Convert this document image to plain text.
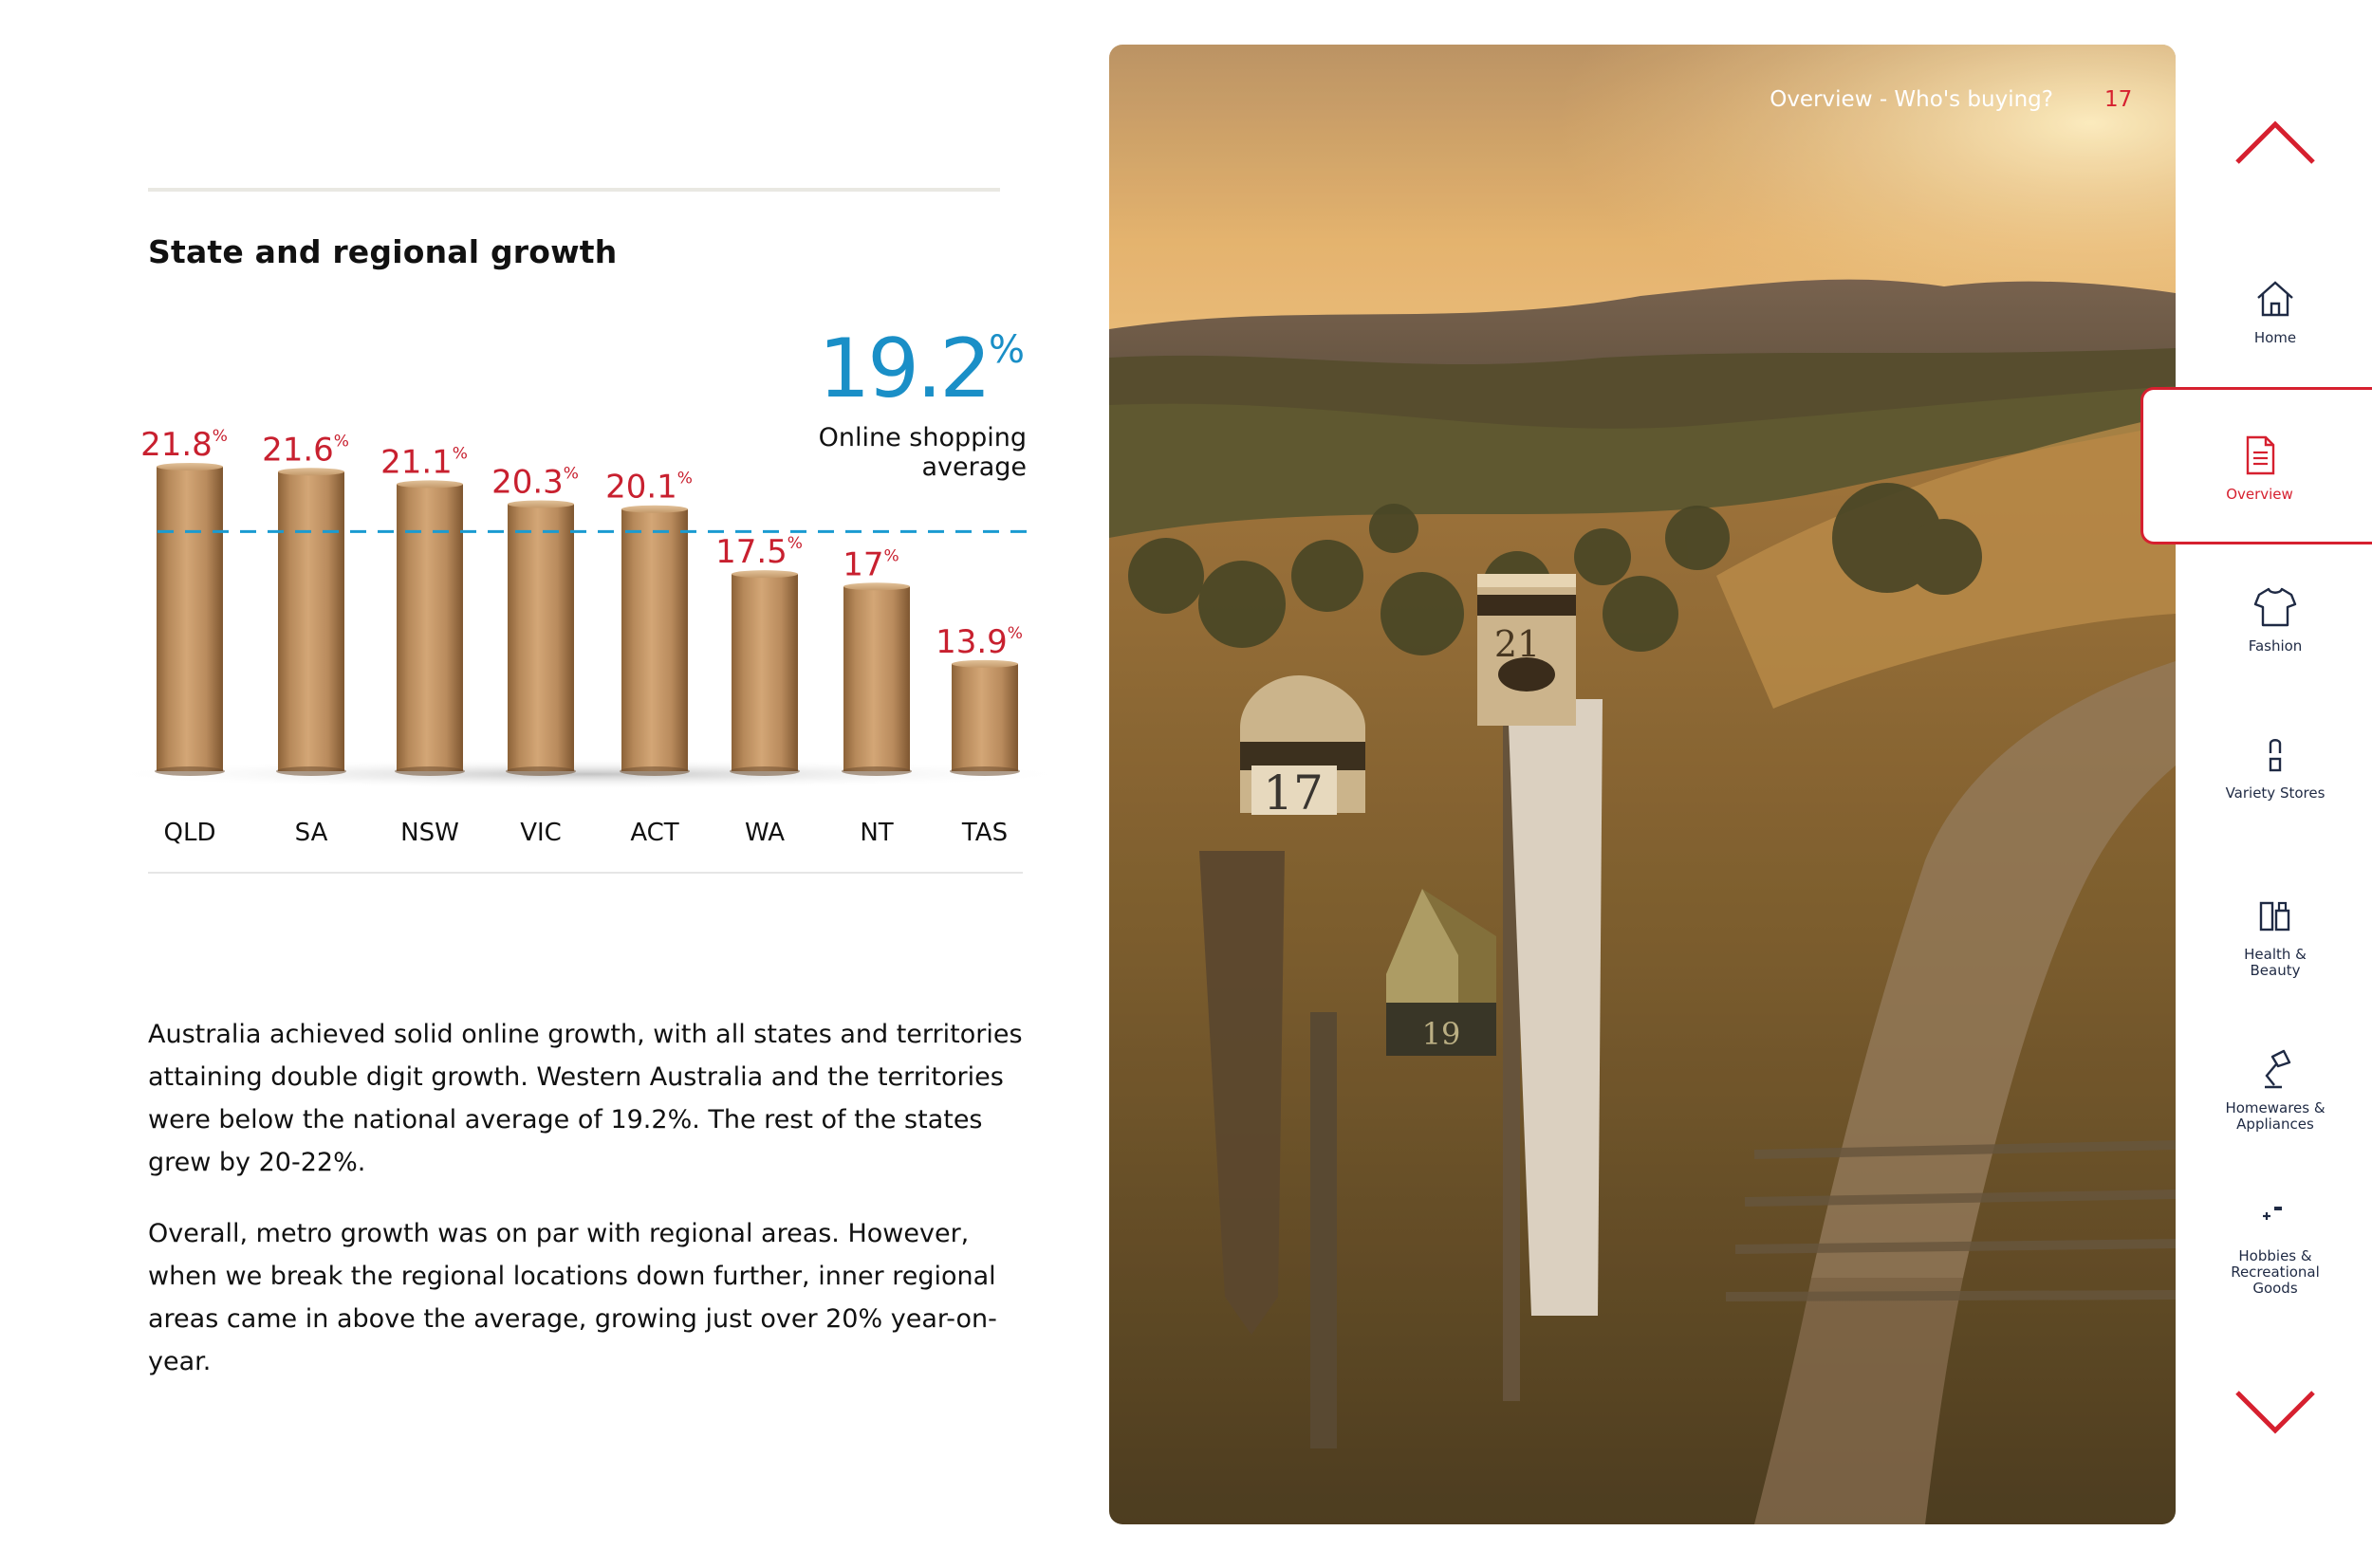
State and regional growth
19.2%
Online shopping average
21.8% 21.6%
21.1%
20.3% 20.1%
17.5%
17%
13.9%
QLD	SA	NSW VIC	ACT	WA	NT	TAS

Australia achieved solid online growth, with all states and territories attaining double digit growth. Western Australia and the territories were below the national average of 19.2%. The rest of the states grew by 20-22%.

Overall, metro growth was on par with regional areas. However, when we break the regional locations down further, inner regional areas came in above the average, growing just over 20% year-on-year.

21
17
19
Overview - Who's buying? 17
Home
Overview
Fashion
Variety Stores
Health & Beauty
Homewares & Appliances
Hobbies & Recreational Goods
